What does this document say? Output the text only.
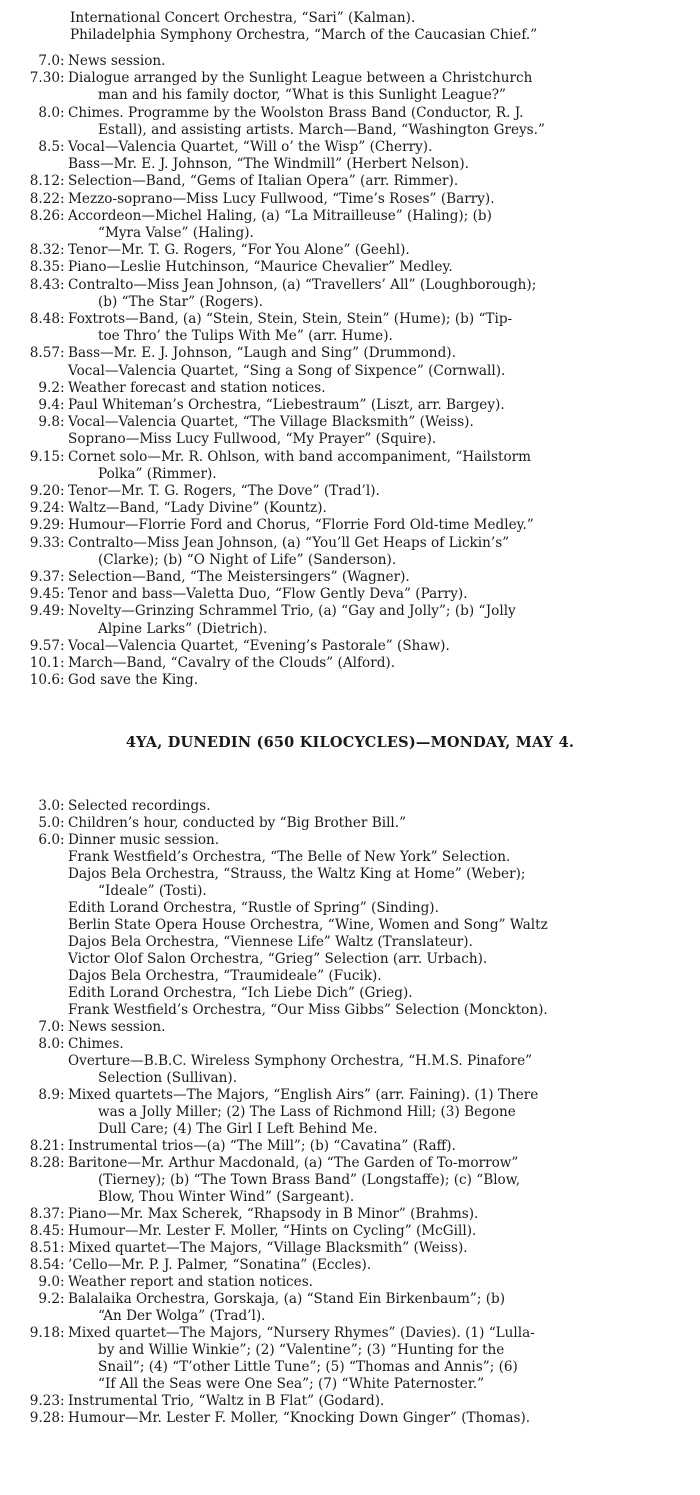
International Concert Orchestra, “Sari” (Kalman).
Philadelphia Symphony Orchestra, “March of the Caucasian Chief.”
7.0 : News session.
7.30 : Dialogue arranged by the Sunlight League between a Christchurch
man and his family doctor, “What is this Sunlight League?”
8.0 : Chimes. Programme by the Woolston Brass Band (Conductor, R. J.
Estall), and assisting artists. March—Band, “Washington Greys.”
8.5 : Vocal—Valencia Quartet, “Will o’ the Wisp” (Cherry).
Bass—Mr. E. J. Johnson, “The Windmill” (Herbert Nelson).
8.12 : Selection—Band, “Gems of Italian Opera” (arr. Rimmer).
8.22 : Mezzo-soprano—Miss Lucy Fullwood, “Time’s Roses” (Barry).
8.26 : Accordeon—Michel Haling, (a) “La Mitrailleuse” (Haling); (b)
“Myra Valse” (Haling).
8.32 : Tenor—Mr. T. G. Rogers, “For You Alone” (Geehl).
8.35 : Piano—Leslie Hutchinson, “Maurice Chevalier” Medley.
8.43 : Contralto—Miss Jean Johnson, (a) “Travellers’ All” (Loughborough);
(b) “The Star” (Rogers).
8.48 : Foxtrots—Band, (a) “Stein, Stein, Stein, Stein” (Hume); (b) “Tip-
toe Thro’ the Tulips With Me” (arr. Hume).
8.57 : Bass—Mr. E. J. Johnson, “Laugh and Sing” (Drummond).
Vocal—Valencia Quartet, “Sing a Song of Sixpence” (Cornwall).
9.2 : Weather forecast and station notices.
9.4 : Paul Whiteman’s Orchestra, “Liebestraum” (Liszt, arr. Bargey).
9.8 : Vocal—Valencia Quartet, “The Village Blacksmith” (Weiss).
Soprano—Miss Lucy Fullwood, “My Prayer” (Squire).
9.15 : Cornet solo—Mr. R. Ohlson, with band accompaniment, “Hailstorm
Polka” (Rimmer).
9.20 : Tenor—Mr. T. G. Rogers, “The Dove” (Trad’l).
9.24 : Waltz—Band, “Lady Divine” (Kountz).
9.29 : Humour—Florrie Ford and Chorus, “Florrie Ford Old-time Medley.”
9.33 : Contralto—Miss Jean Johnson, (a) “You’ll Get Heaps of Lickin’s”
(Clarke); (b) “O Night of Life” (Sanderson).
9.37 : Selection—Band, “The Meistersingers” (Wagner).
9.45 : Tenor and bass—Valetta Duo, “Flow Gently Deva” (Parry).
9.49 : Novelty—Grinzing Schrammel Trio, (a) “Gay and Jolly”; (b) “Jolly
Alpine Larks” (Dietrich).
9.57 : Vocal—Valencia Quartet, “Evening’s Pastorale” (Shaw).
10.1 : March—Band, “Cavalry of the Clouds” (Alford).
10.6 : God save the King.
4YA, DUNEDIN (650 KILOCYCLES)—MONDAY, MAY 4.
3.0 : Selected recordings.
5.0 : Children’s hour, conducted by “Big Brother Bill.”
6.0 : Dinner music session.
Frank Westfield’s Orchestra, “The Belle of New York” Selection.
Dajos Bela Orchestra, “Strauss, the Waltz King at Home” (Weber);
“Ideale” (Tosti).
Edith Lorand Orchestra, “Rustle of Spring” (Sinding).
Berlin State Opera House Orchestra, “Wine, Women and Song” Waltz
Dajos Bela Orchestra, “Viennese Life” Waltz (Translateur).
Victor Olof Salon Orchestra, “Grieg” Selection (arr. Urbach).
Dajos Bela Orchestra, “Traumideale” (Fucik).
Edith Lorand Orchestra, “Ich Liebe Dich” (Grieg).
Frank Westfield’s Orchestra, “Our Miss Gibbs” Selection (Monckton).
7.0 : News session.
8.0 : Chimes.
Overture—B.B.C. Wireless Symphony Orchestra, “H.M.S. Pinafore”
Selection (Sullivan).
8.9 : Mixed quartets—The Majors, “English Airs” (arr. Faining). (1) There
was a Jolly Miller; (2) The Lass of Richmond Hill; (3) Begone
Dull Care; (4) The Girl I Left Behind Me.
8.21 : Instrumental trios—(a) “The Mill”; (b) “Cavatina” (Raff).
8.28 : Baritone—Mr. Arthur Macdonald, (a) “The Garden of To-morrow”
(Tierney); (b) “The Town Brass Band” (Longstaffe); (c) “Blow,
Blow, Thou Winter Wind” (Sargeant).
8.37 : Piano—Mr. Max Scherek, “Rhapsody in B Minor” (Brahms).
8.45 : Humour—Mr. Lester F. Moller, “Hints on Cycling” (McGill).
8.51 : Mixed quartet—The Majors, “Village Blacksmith” (Weiss).
8.54 : ’Cello—Mr. P. J. Palmer, “Sonatina” (Eccles).
9.0 : Weather report and station notices.
9.2 : Balalaika Orchestra, Gorskaja, (a) “Stand Ein Birkenbaum”; (b)
“An Der Wolga” (Trad’l).
9.18 : Mixed quartet—The Majors, “Nursery Rhymes” (Davies). (1) “Lulla-
by and Willie Winkie”; (2) “Valentine”; (3) “Hunting for the
Snail”; (4) “T’other Little Tune”; (5) “Thomas and Annis”; (6)
“If All the Seas were One Sea”; (7) “White Paternoster.”
9.23 : Instrumental Trio, “Waltz in B Flat” (Godard).
9.28 : Humour—Mr. Lester F. Moller, “Knocking Down Ginger” (Thomas).
